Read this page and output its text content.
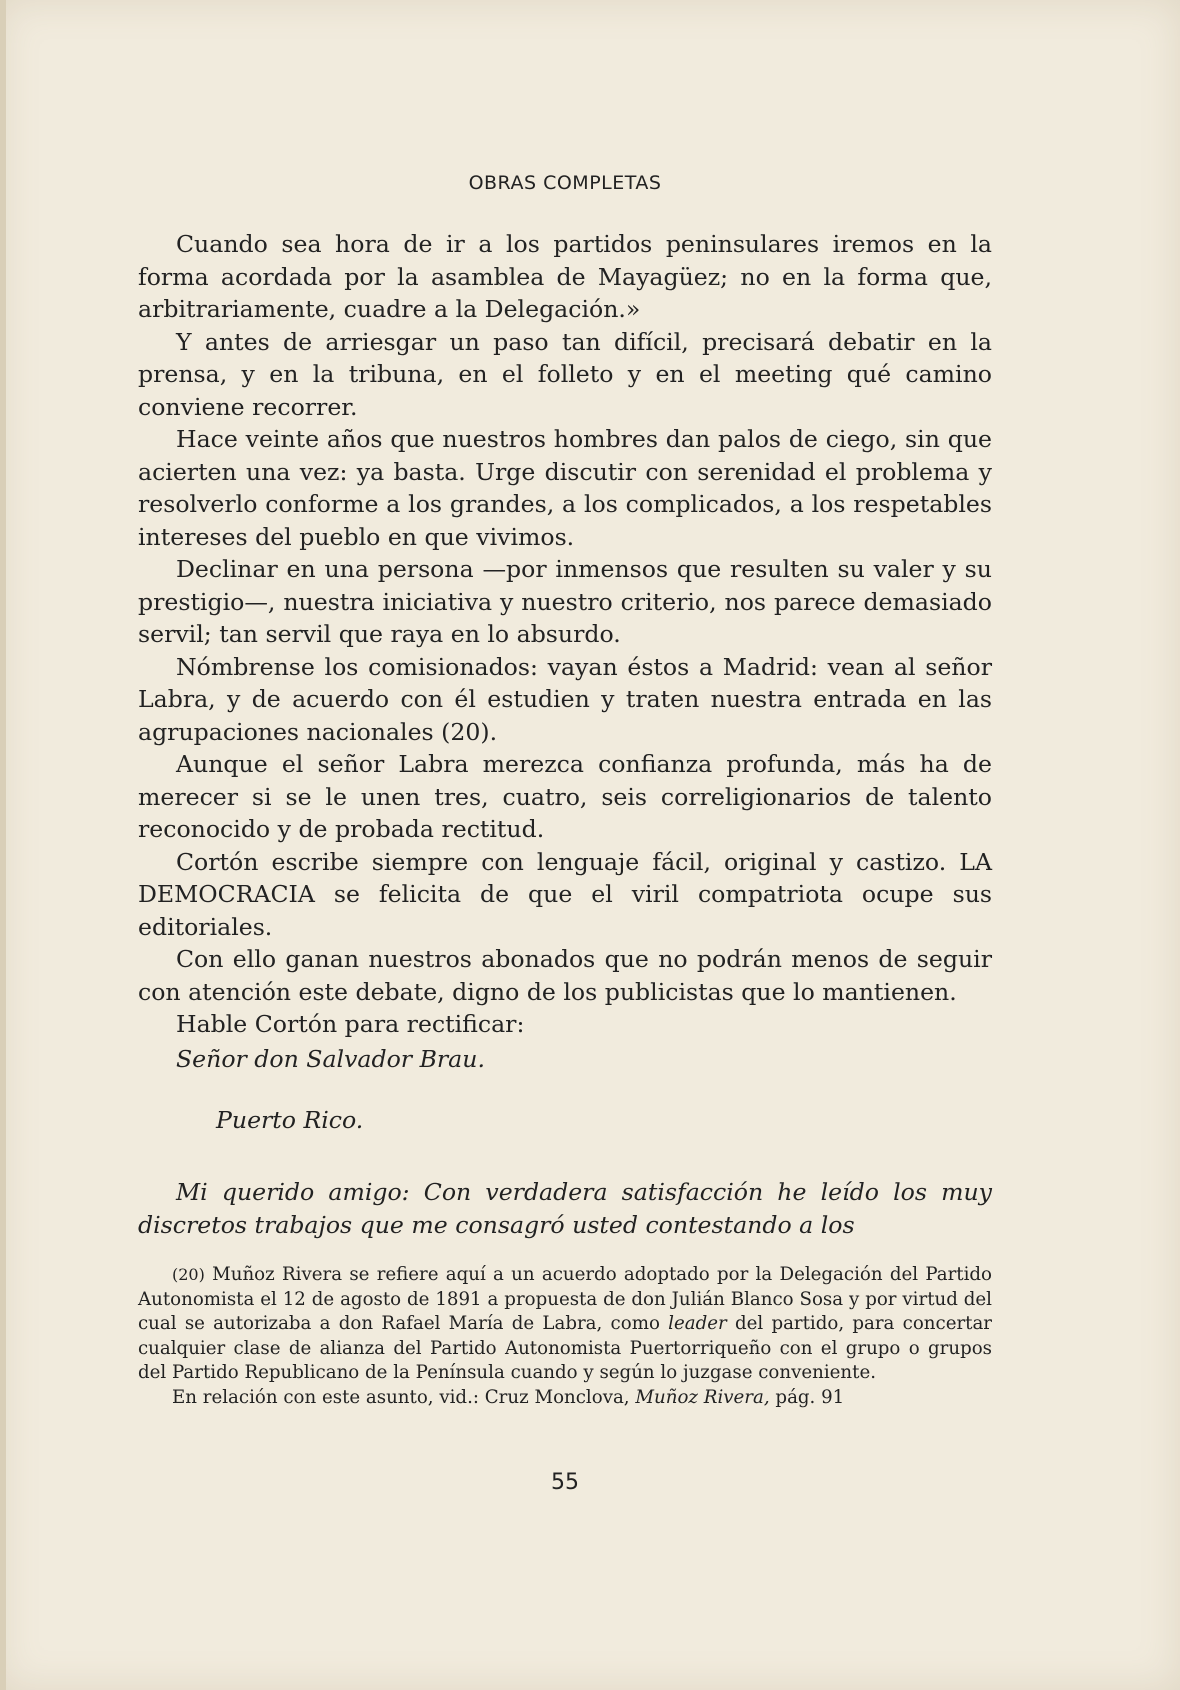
OBRAS COMPLETAS

Cuando sea hora de ir a los partidos peninsulares iremos en la forma acordada por la asamblea de Mayagüez; no en la forma que, arbitrariamente, cuadre a la Delegación.»

Y antes de arriesgar un paso tan difícil, precisará debatir en la prensa, y en la tribuna, en el folleto y en el meeting qué camino conviene recorrer.

Hace veinte años que nuestros hombres dan palos de ciego, sin que acierten una vez: ya basta. Urge discutir con serenidad el problema y resolverlo conforme a los grandes, a los complicados, a los respetables intereses del pueblo en que vivimos.

Declinar en una persona —por inmensos que resulten su valer y su prestigio—, nuestra iniciativa y nuestro criterio, nos parece demasiado servil; tan servil que raya en lo absurdo.

Nómbrense los comisionados: vayan éstos a Madrid: vean al señor Labra, y de acuerdo con él estudien y traten nuestra entrada en las agrupaciones nacionales (20).

Aunque el señor Labra merezca confianza profunda, más ha de merecer si se le unen tres, cuatro, seis correligionarios de talento reconocido y de probada rectitud.

Cortón escribe siempre con lenguaje fácil, original y castizo. LA DEMOCRACIA se felicita de que el viril compatriota ocupe sus editoriales.

Con ello ganan nuestros abonados que no podrán menos de seguir con atención este debate, digno de los publicistas que lo mantienen.

Hable Cortón para rectificar:

Señor don Salvador Brau.
Puerto Rico.

Mi querido amigo: Con verdadera satisfacción he leído los muy discretos trabajos que me consagró usted contestando a los

(20) Muñoz Rivera se refiere aquí a un acuerdo adoptado por la Delegación del Partido Autonomista el 12 de agosto de 1891 a propuesta de don Julián Blanco Sosa y por virtud del cual se autorizaba a don Rafael María de Labra, como leader del partido, para concertar cualquier clase de alianza del Partido Autonomista Puertorriqueño con el grupo o grupos del Partido Republicano de la Península cuando y según lo juzgase conveniente.

En relación con este asunto, vid.: Cruz Monclova, Muñoz Rivera, pág. 91

55
